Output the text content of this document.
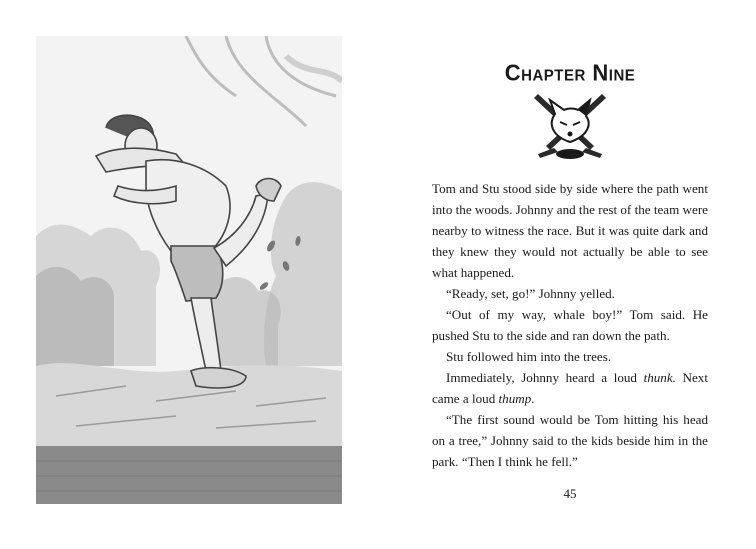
Chapter Nine

Tom and Stu stood side by side where the path went into the woods. Johnny and the rest of the team were nearby to witness the race. But it was quite dark and they knew they would not actually be able to see what happened.

“Ready, set, go!” Johnny yelled.

“Out of my way, whale boy!” Tom said. He pushed Stu to the side and ran down the path.

Stu followed him into the trees.

Immediately, Johnny heard a loud thunk. Next came a loud thump.

“The first sound would be Tom hitting his head on a tree,” Johnny said to the kids beside him in the park. “Then I think he fell.”

45
